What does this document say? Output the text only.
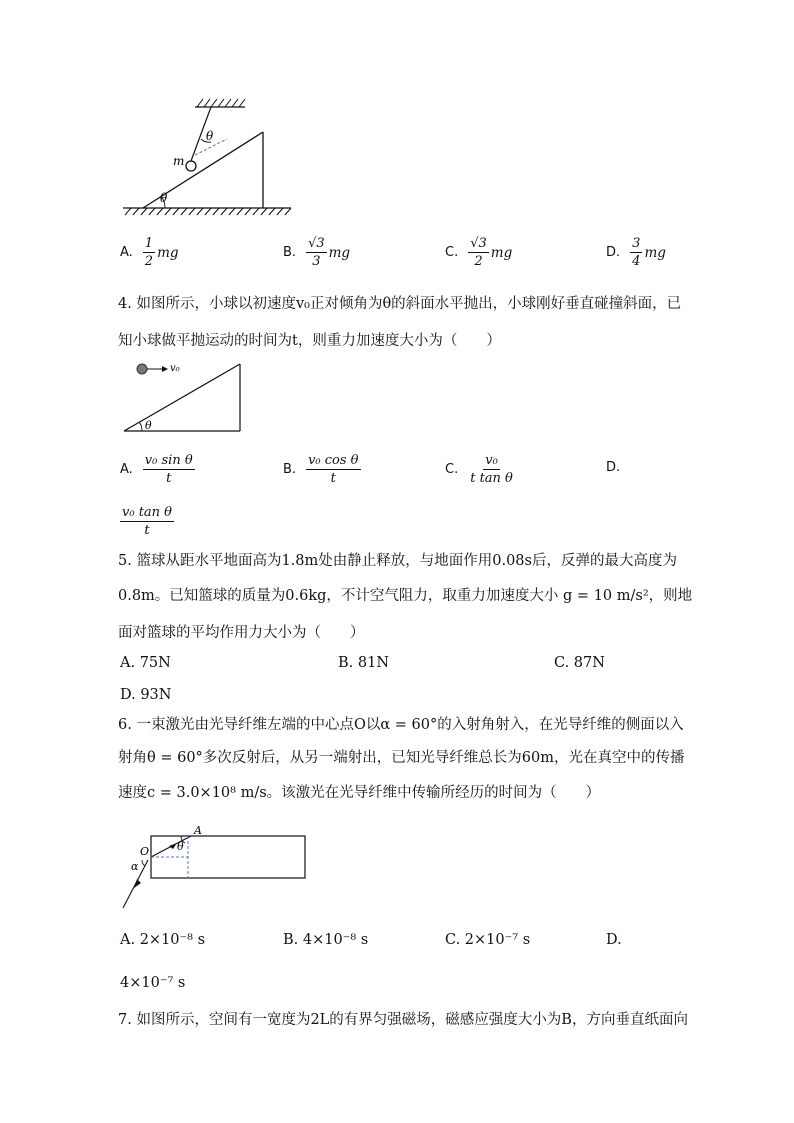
m
θ
θ
A. $\frac{1}{2}$ mg	B. $\frac{√3}{3}$ mg	C. $\frac{√3}{2}$ mg	D. $\frac{3}{4}$ mg
4. 如图所示，小球以初速度v₀正对倾角为θ的斜面水平抛出，小球刚好垂直碰撞斜面，已
知小球做平抛运动的时间为t，则重力加速度大小为（　　）
v₀
θ
A. $\frac{\text{v₀ sin θ}}{t}$	B. $\frac{\text{v₀ cos θ}}{t}$	C. $\frac{\text{v₀}}{\text{t tan θ}}$	D.
$\frac{\text{v₀ tan θ}}{t}$
5. 篮球从距水平地面高为1.8m处由静止释放，与地面作用0.08s后，反弹的最大高度为
0.8m。已知篮球的质量为0.6kg，不计空气阻力，取重力加速度大小 g = 10 m/s²，则地
面对篮球的平均作用力大小为（　　）
A. 75N	B. 81N	C. 87N
D. 93N
6. 一束激光由光导纤维左端的中心点O以α = 60°的入射角射入，在光导纤维的侧面以入
射角θ = 60°多次反射后，从另一端射出，已知光导纤维总长为60m，光在真空中的传播
速度c = 3.0×10⁸ m/s。该激光在光导纤维中传输所经历的时间为（　　）
A
O	θ
α
A. 2×10⁻⁸ s	B. 4×10⁻⁸ s	C. 2×10⁻⁷ s	D.
4×10⁻⁷ s
7. 如图所示，空间有一宽度为2L的有界匀强磁场，磁感应强度大小为B，方向垂直纸面向
